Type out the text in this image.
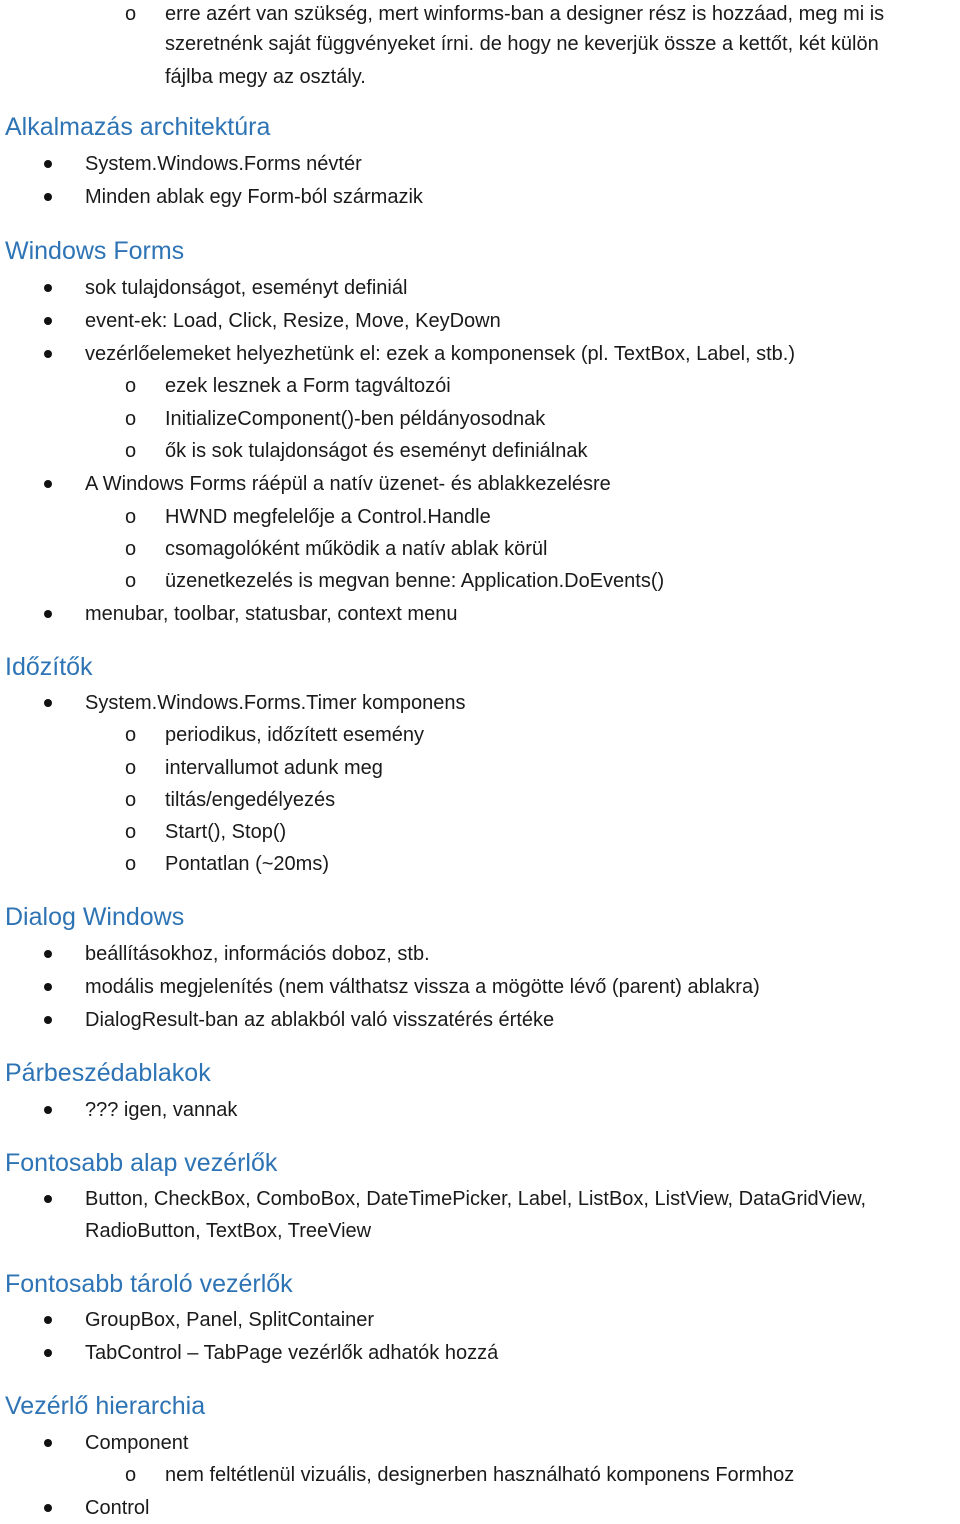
o erre azért van szükség, mert winforms-ban a designer rész is hozzáad, meg mi is
szeretnénk saját függvényeket írni. de hogy ne keverjük össze a kettőt, két külön
fájlba megy az osztály.
Alkalmazás architektúra
System.Windows.Forms névtér
Minden ablak egy Form-ból származik
Windows Forms
sok tulajdonságot, eseményt definiál
event-ek: Load, Click, Resize, Move, KeyDown
vezérlőelemeket helyezhetünk el: ezek a komponensek (pl. TextBox, Label, stb.)
o ezek lesznek a Form tagváltozói
o InitializeComponent()-ben példányosodnak
o ők is sok tulajdonságot és eseményt definiálnak
A Windows Forms ráépül a natív üzenet- és ablakkezelésre
o HWND megfelelője a Control.Handle
o csomagolóként működik a natív ablak körül
o üzenetkezelés is megvan benne: Application.DoEvents()
menubar, toolbar, statusbar, context menu
Időzítők
System.Windows.Forms.Timer komponens
o periodikus, időzített esemény
o intervallumot adunk meg
o tiltás/engedélyezés
o Start(), Stop()
o Pontatlan (~20ms)
Dialog Windows
beállításokhoz, információs doboz, stb.
modális megjelenítés (nem válthatsz vissza a mögötte lévő (parent) ablakra)
DialogResult-ban az ablakból való visszatérés értéke
Párbeszédablakok
??? igen, vannak
Fontosabb alap vezérlők
Button, CheckBox, ComboBox, DateTimePicker, Label, ListBox, ListView, DataGridView,
RadioButton, TextBox, TreeView
Fontosabb tároló vezérlők
GroupBox, Panel, SplitContainer
TabControl – TabPage vezérlők adhatók hozzá
Vezérlő hierarchia
Component
o nem feltétlenül vizuális, designerben használható komponens Formhoz
Control
